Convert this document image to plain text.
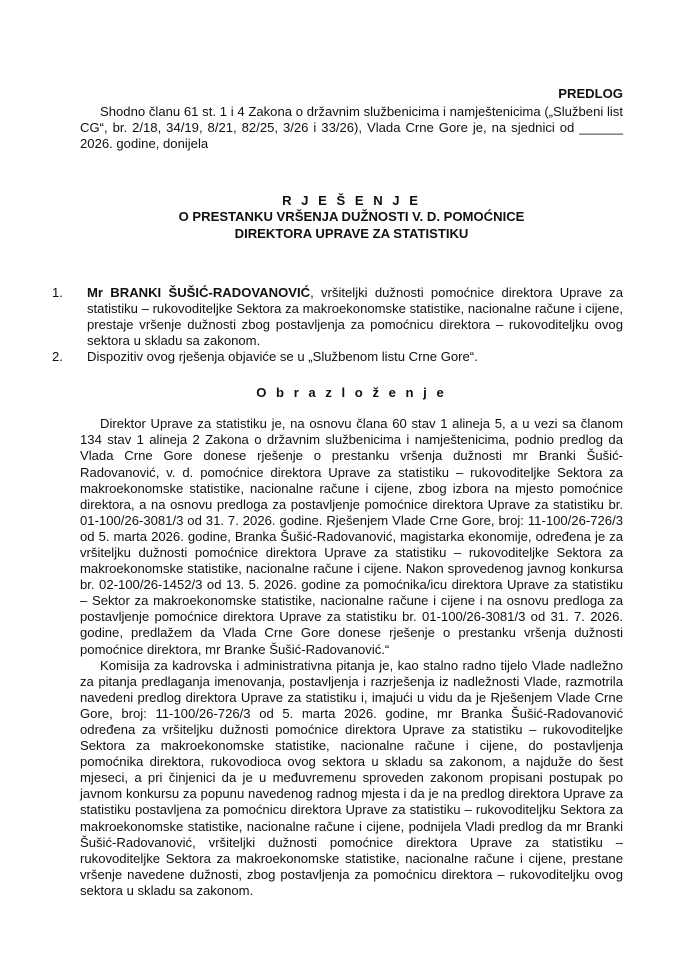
PREDLOG

Shodno članu 61 st. 1 i 4 Zakona o državnim službenicima i namještenicima („Službeni list CG“, br. 2/18, 34/19, 8/21, 82/25, 3/26 i 33/26), Vlada Crne Gore je, na sjednici od ______ 2026. godine, donijela

R J E Š E N J E
O PRESTANKU VRŠENJA DUŽNOSTI V. D. POMOĆNICE
DIREKTORA UPRAVE ZA STATISTIKU
1. Mr BRANKI ŠUŠIĆ-RADOVANOVIĆ, vršiteljki dužnosti pomoćnice direktora Uprave za statistiku – rukovoditeljke Sektora za makroekonomske statistike, nacionalne račune i cijene, prestaje vršenje dužnosti zbog postavljenja za pomoćnicu direktora – rukovoditeljku ovog sektora u skladu sa zakonom.
2. Dispozitiv ovog rješenja objaviće se u „Službenom listu Crne Gore“.
O b r a z l o ž e n j e

Direktor Uprave za statistiku je, na osnovu člana 60 stav 1 alineja 5, a u vezi sa članom 134 stav 1 alineja 2 Zakona o državnim službenicima i namještenicima, podnio predlog da Vlada Crne Gore donese rješenje o prestanku vršenja dužnosti mr Branki Šušić-Radovanović, v. d. pomoćnice direktora Uprave za statistiku – rukovoditeljke Sektora za makroekonomske statistike, nacionalne račune i cijene, zbog izbora na mjesto pomoćnice direktora, a na osnovu predloga za postavljenje pomoćnice direktora Uprave za statistiku br. 01-100/26-3081/3 od 31. 7. 2026. godine. Rješenjem Vlade Crne Gore, broj: 11-100/26-726/3 od 5. marta 2026. godine, Branka Šušić-Radovanović, magistarka ekonomije, određena je za vršiteljku dužnosti pomoćnice direktora Uprave za statistiku – rukovoditeljke Sektora za makroekonomske statistike, nacionalne račune i cijene. Nakon sprovedenog javnog konkursa br. 02-100/26-1452/3 od 13. 5. 2026. godine za pomoćnika/icu direktora Uprave za statistiku – Sektor za makroekonomske statistike, nacionalne račune i cijene i na osnovu predloga za postavljenje pomoćnice direktora Uprave za statistiku br. 01-100/26-3081/3 od 31. 7. 2026. godine, predlažem da Vlada Crne Gore donese rješenje o prestanku vršenja dužnosti pomoćnice direktora, mr Branke Šušić-Radovanović.“

Komisija za kadrovska i administrativna pitanja je, kao stalno radno tijelo Vlade nadležno za pitanja predlaganja imenovanja, postavljenja i razrješenja iz nadležnosti Vlade, razmotrila navedeni predlog direktora Uprave za statistiku i, imajući u vidu da je Rješenjem Vlade Crne Gore, broj: 11-100/26-726/3 od 5. marta 2026. godine, mr Branka Šušić-Radovanović određena za vršiteljku dužnosti pomoćnice direktora Uprave za statistiku – rukovoditeljke Sektora za makroekonomske statistike, nacionalne račune i cijene, do postavljenja pomoćnika direktora, rukovodioca ovog sektora u skladu sa zakonom, a najduže do šest mjeseci, a pri činjenici da je u međuvremenu sproveden zakonom propisani postupak po javnom konkursu za popunu navedenog radnog mjesta i da je na predlog direktora Uprave za statistiku postavljena za pomoćnicu direktora Uprave za statistiku – rukovoditeljku Sektora za makroekonomske statistike, nacionalne račune i cijene, podnijela Vladi predlog da mr Branki Šušić-Radovanović, vršiteljki dužnosti pomoćnice direktora Uprave za statistiku – rukovoditeljke Sektora za makroekonomske statistike, nacionalne račune i cijene, prestane vršenje navedene dužnosti, zbog postavljenja za pomoćnicu direktora – rukovoditeljku ovog sektora u skladu sa zakonom.
